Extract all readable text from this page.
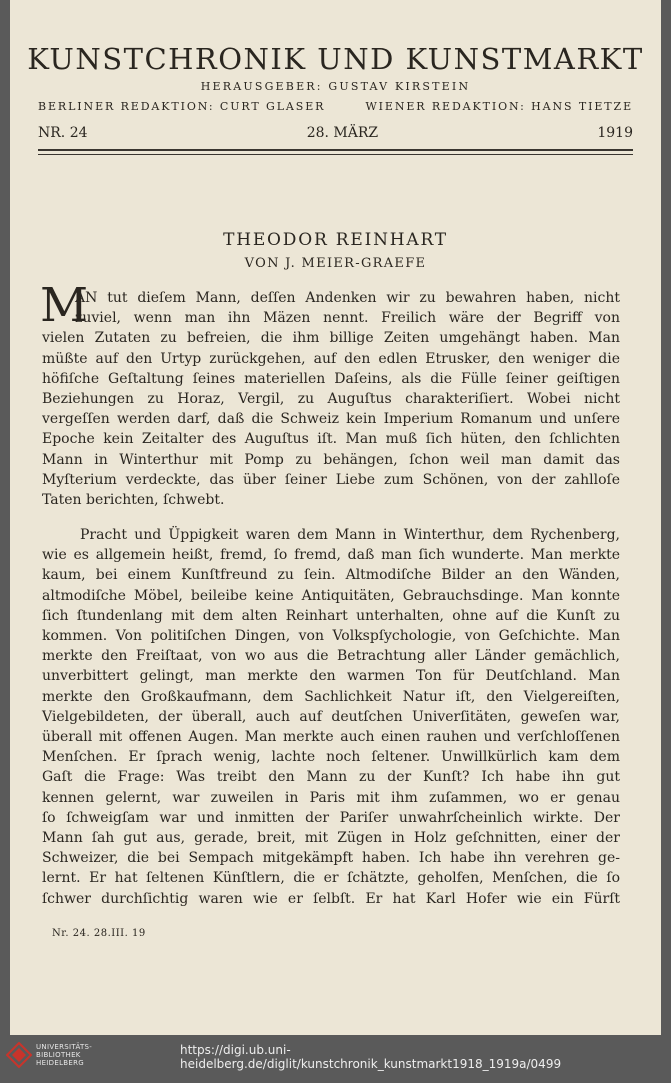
KUNSTCHRONIK UND KUNSTMARKT
HERAUSGEBER: GUSTAV KIRSTEIN
BERLINER REDAKTION: CURT GLASER	WIENER REDAKTION: HANS TIETZE
NR. 24	28. MÄRZ	1919
THEODOR REINHART
VON J. MEIER-GRAEFE
M
AN tut dieſem Mann, deſſen Andenken wir zu bewahren haben, nicht
zuviel, wenn man ihn Mäzen nennt. Freilich wäre der Begriff von
vielen Zutaten zu befreien, die ihm billige Zeiten umgehängt haben. Man
müßte auf den Urtyp zurückgehen, auf den edlen Etrusker, den weniger die
höfiſche Geſtaltung ſeines materiellen Daſeins, als die Fülle ſeiner geiſtigen
Beziehungen zu Horaz, Vergil, zu Auguſtus charakteriſiert. Wobei nicht
vergeſſen werden darf, daß die Schweiz kein Imperium Romanum und unſere
Epoche kein Zeitalter des Auguſtus iſt. Man muß ſich hüten, den ſchlichten
Mann in Winterthur mit Pomp zu behängen, ſchon weil man damit das
Myſterium verdeckte, das über ſeiner Liebe zum Schönen, von der zahlloſe
Taten berichten, ſchwebt.
Pracht und Üppigkeit waren dem Mann in Winterthur, dem Rychenberg,
wie es allgemein heißt, fremd, ſo fremd, daß man ſich wunderte. Man merkte
kaum, bei einem Kunſtfreund zu ſein. Altmodiſche Bilder an den Wänden,
altmodiſche Möbel, beileibe keine Antiquitäten, Gebrauchsdinge. Man konnte
ſich ſtundenlang mit dem alten Reinhart unterhalten, ohne auf die Kunſt zu
kommen. Von politiſchen Dingen, von Volkspſychologie, von Geſchichte. Man
merkte den Freiſtaat, von wo aus die Betrachtung aller Länder gemächlich,
unverbittert gelingt, man merkte den warmen Ton für Deutſchland. Man
merkte den Großkaufmann, dem Sachlichkeit Natur iſt, den Vielgereiſten,
Vielgebildeten, der überall, auch auf deutſchen Univerſitäten, geweſen war,
überall mit offenen Augen. Man merkte auch einen rauhen und verſchloſſenen
Menſchen. Er ſprach wenig, lachte noch ſeltener. Unwillkürlich kam dem
Gaſt die Frage: Was treibt den Mann zu der Kunſt? Ich habe ihn gut
kennen gelernt, war zuweilen in Paris mit ihm zuſammen, wo er genau
ſo ſchweigſam war und inmitten der Pariſer unwahrſcheinlich wirkte. Der
Mann ſah gut aus, gerade, breit, mit Zügen in Holz geſchnitten, einer der
Schweizer, die bei Sempach mitgekämpft haben. Ich habe ihn verehren ge-
lernt. Er hat ſeltenen Künſtlern, die er ſchätzte, geholfen, Menſchen, die ſo
ſchwer durchſichtig waren wie er ſelbſt. Er hat Karl Hofer wie ein Fürſt
Nr. 24. 28.III. 19
UNIVERSITÄTS-
BIBLIOTHEK
HEIDELBERG
https://digi.ub.uni-heidelberg.de/diglit/kunstchronik_kunstmarkt1918_1919a/0499
